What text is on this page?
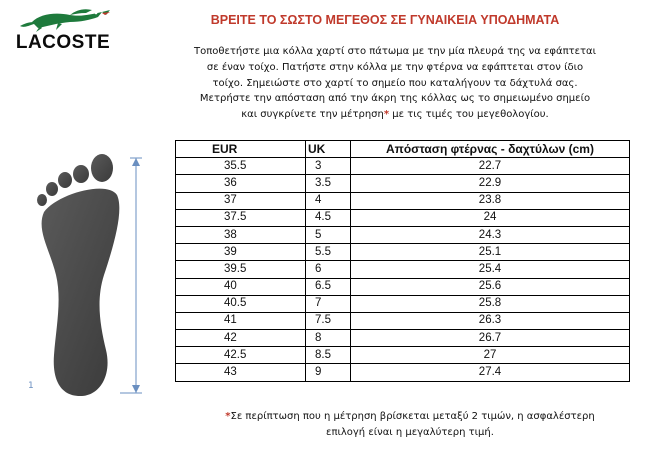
LACOSTE
ΒΡΕΙΤΕ ΤΟ ΣΩΣΤΟ ΜΕΓΕΘΟΣ ΣΕ ΓΥΝΑΙΚΕΙΑ ΥΠΟΔΗΜΑΤΑ
Τοποθετήστε μια κόλλα χαρτί στο πάτωμα με την μία πλευρά της να εφάπτεται
σε έναν τοίχο. Πατήστε στην κόλλα με την φτέρνα να εφάπτεται στον ίδιο
τοίχο. Σημειώστε στο χαρτί το σημείο που καταλήγουν τα δάχτυλά σας.
Μετρήστε την απόσταση από την άκρη της κόλλας ως το σημειωμένο σημείο
και συγκρίνετε την μέτρηση* με τις τιμές του μεγεθολογίου.
1
EUR	UK	Απόσταση φτέρνας - δαχτύλων (cm)
35.5	3	22.7
36	3.5	22.9
37	4	23.8
37.5	4.5	24
38	5	24.3
39	5.5	25.1
39.5	6	25.4
40	6.5	25.6
40.5	7	25.8
41	7.5	26.3
42	8	26.7
42.5	8.5	27
43	9	27.4
*Σε περίπτωση που η μέτρηση βρίσκεται μεταξύ 2 τιμών, η ασφαλέστερη
επιλογή είναι η μεγαλύτερη τιμή.
